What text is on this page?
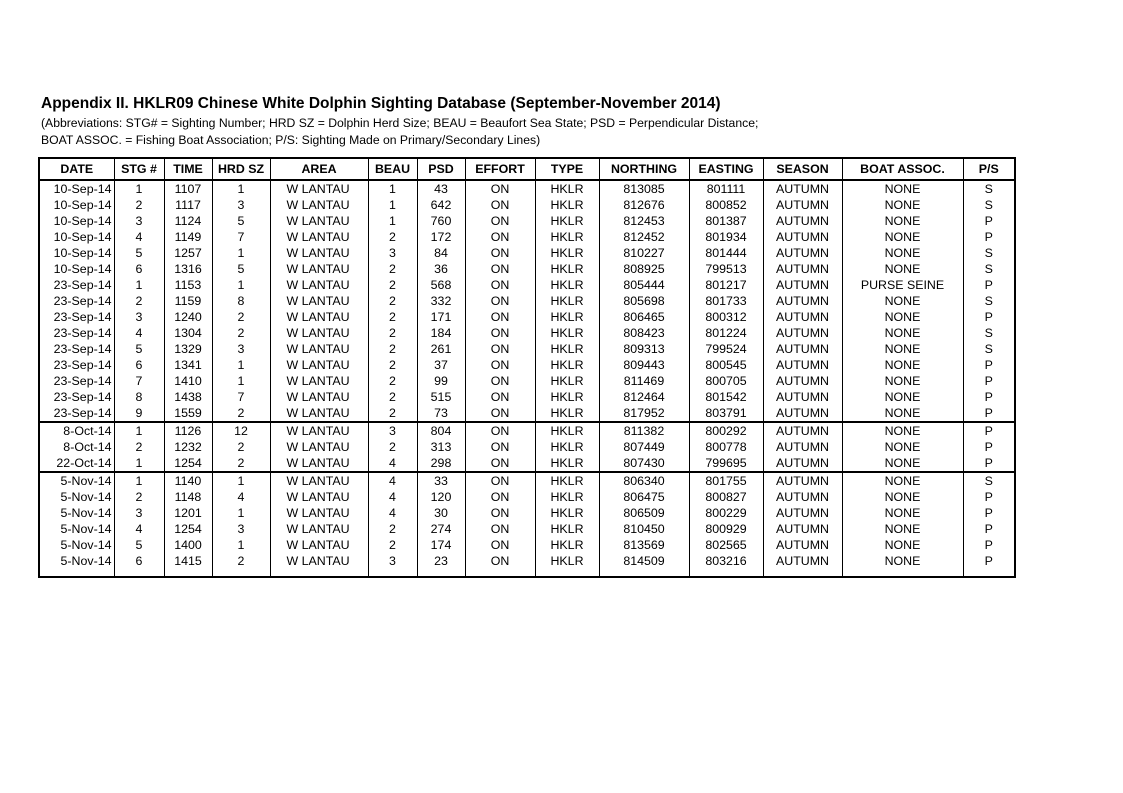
Appendix II. HKLR09 Chinese White Dolphin Sighting Database (September-November 2014)
(Abbreviations: STG# = Sighting Number; HRD SZ = Dolphin Herd Size; BEAU = Beaufort Sea State; PSD = Perpendicular Distance;
BOAT ASSOC. = Fishing Boat Association; P/S: Sighting Made on Primary/Secondary Lines)
DATE	STG #	TIME	HRD SZ	AREA	BEAU	PSD	EFFORT	TYPE	NORTHING	EASTING	SEASON	BOAT ASSOC.	P/S
10-Sep-14	1	1107	1	W LANTAU	1	43	ON	HKLR	813085	801111	AUTUMN	NONE	S
10-Sep-14	2	1117	3	W LANTAU	1	642	ON	HKLR	812676	800852	AUTUMN	NONE	S
10-Sep-14	3	1124	5	W LANTAU	1	760	ON	HKLR	812453	801387	AUTUMN	NONE	P
10-Sep-14	4	1149	7	W LANTAU	2	172	ON	HKLR	812452	801934	AUTUMN	NONE	P
10-Sep-14	5	1257	1	W LANTAU	3	84	ON	HKLR	810227	801444	AUTUMN	NONE	S
10-Sep-14	6	1316	5	W LANTAU	2	36	ON	HKLR	808925	799513	AUTUMN	NONE	S
23-Sep-14	1	1153	1	W LANTAU	2	568	ON	HKLR	805444	801217	AUTUMN	PURSE SEINE	P
23-Sep-14	2	1159	8	W LANTAU	2	332	ON	HKLR	805698	801733	AUTUMN	NONE	S
23-Sep-14	3	1240	2	W LANTAU	2	171	ON	HKLR	806465	800312	AUTUMN	NONE	P
23-Sep-14	4	1304	2	W LANTAU	2	184	ON	HKLR	808423	801224	AUTUMN	NONE	S
23-Sep-14	5	1329	3	W LANTAU	2	261	ON	HKLR	809313	799524	AUTUMN	NONE	S
23-Sep-14	6	1341	1	W LANTAU	2	37	ON	HKLR	809443	800545	AUTUMN	NONE	P
23-Sep-14	7	1410	1	W LANTAU	2	99	ON	HKLR	811469	800705	AUTUMN	NONE	P
23-Sep-14	8	1438	7	W LANTAU	2	515	ON	HKLR	812464	801542	AUTUMN	NONE	P
23-Sep-14	9	1559	2	W LANTAU	2	73	ON	HKLR	817952	803791	AUTUMN	NONE	P
8-Oct-14	1	1126	12	W LANTAU	3	804	ON	HKLR	811382	800292	AUTUMN	NONE	P
8-Oct-14	2	1232	2	W LANTAU	2	313	ON	HKLR	807449	800778	AUTUMN	NONE	P
22-Oct-14	1	1254	2	W LANTAU	4	298	ON	HKLR	807430	799695	AUTUMN	NONE	P
5-Nov-14	1	1140	1	W LANTAU	4	33	ON	HKLR	806340	801755	AUTUMN	NONE	S
5-Nov-14	2	1148	4	W LANTAU	4	120	ON	HKLR	806475	800827	AUTUMN	NONE	P
5-Nov-14	3	1201	1	W LANTAU	4	30	ON	HKLR	806509	800229	AUTUMN	NONE	P
5-Nov-14	4	1254	3	W LANTAU	2	274	ON	HKLR	810450	800929	AUTUMN	NONE	P
5-Nov-14	5	1400	1	W LANTAU	2	174	ON	HKLR	813569	802565	AUTUMN	NONE	P
5-Nov-14	6	1415	2	W LANTAU	3	23	ON	HKLR	814509	803216	AUTUMN	NONE	P
